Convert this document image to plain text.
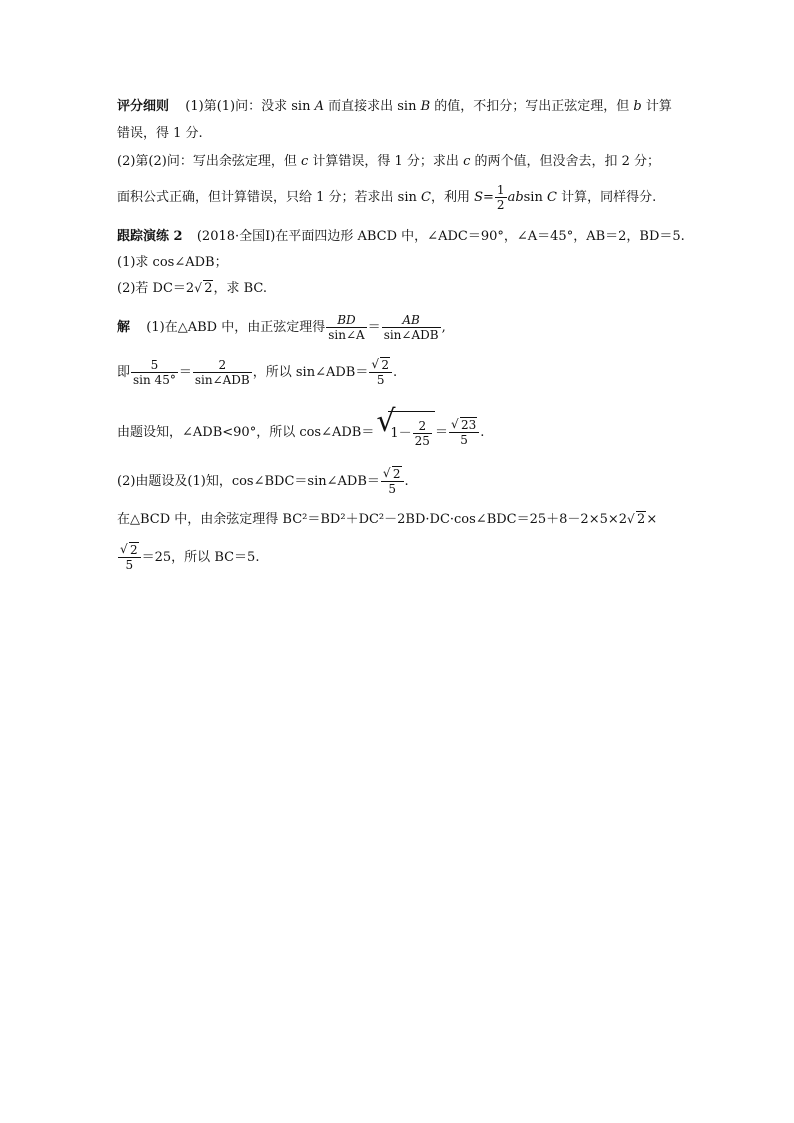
评分细则 (1)第(1)问：没求 sin A 而直接求出 sin B 的值，不扣分；写出正弦定理，但 b 计算
错误，得 1 分.
(2)第(2)问：写出余弦定理，但 c 计算错误，得 1 分；求出 c 的两个值，但没舍去，扣 2 分；
面积公式正确，但计算错误，只给 1 分；若求出 sin C，利用 $S= \frac{1}{2}$ absin C 计算，同样得分.
跟踪演练 2 (2018·全国Ⅰ)在平面四边形 ABCD 中，∠ADC＝90°，∠A＝45°，AB＝2，BD＝5.
(1)求 cos∠ADB；
(2)若 DC＝2 √ 2，求 BC.
解 (1)在△ABD 中，由正弦定理得 $\frac{BD}{\sin\angle A} = \frac{AB}{\text{sin∠ADB}}$ ,
即 $\frac{5}{\sin 45^\circ} = \frac{2}{\text{sin∠ADB}}$ ，所以 sin∠ADB＝ √ $\frac{2}{5}$ .
由题设知，∠ADB<90°，所以 cos∠ADB＝ √
$1- \frac{2}{25}$ ＝ √ $\frac{23}{5}$ .
(2)由题设及(1)知，cos∠BDC＝sin∠ADB＝ √ $\frac{2}{5}$ .
在△BCD 中，由余弦定理得 BC²＝BD²＋DC²－2BD·DC·cos∠BDC＝25＋8－2×5×2 √ 2×
√ $\frac{2}{5} =25$，所以 BC＝5.
